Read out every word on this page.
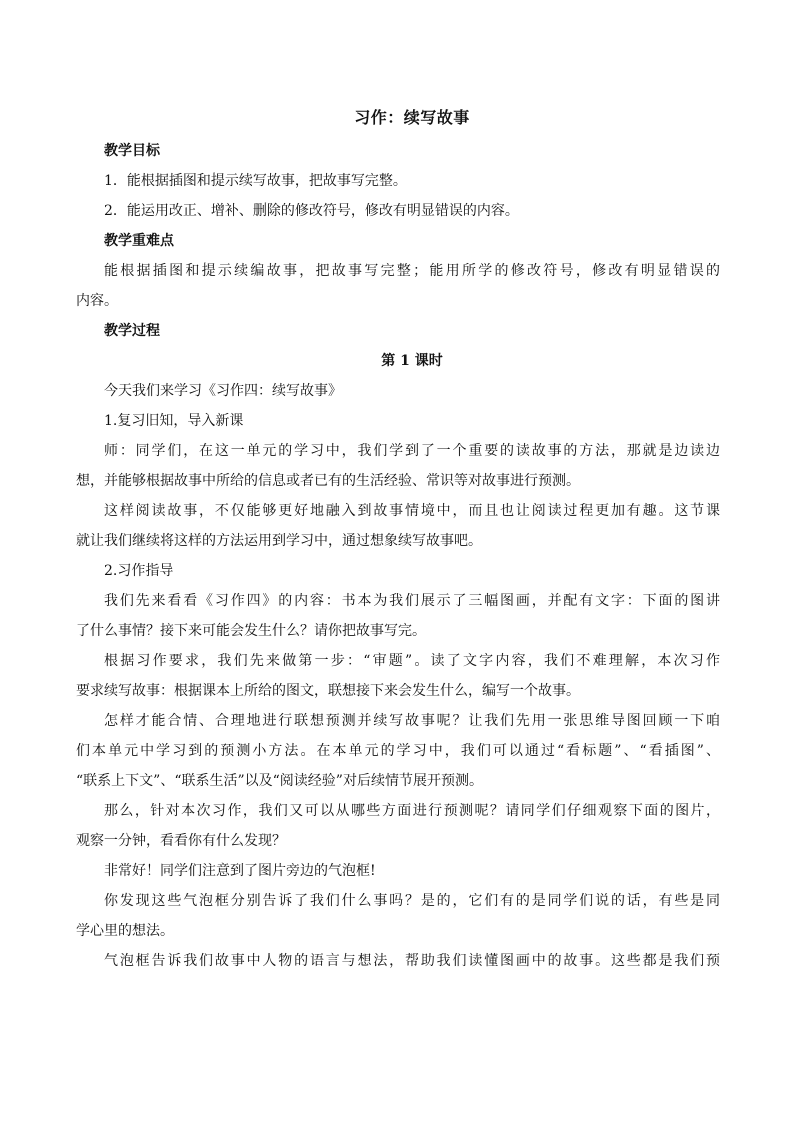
习作：续写故事
教学目标
1．能根据插图和提示续写故事，把故事写完整。
2．能运用改正、增补、删除的修改符号，修改有明显错误的内容。
教学重难点
能根据插图和提示续编故事，把故事写完整；能用所学的修改符号，修改有明显错误的
内容。
教学过程
第 1 课时
今天我们来学习《习作四：续写故事》
1.复习旧知，导入新课
师：同学们，在这一单元的学习中，我们学到了一个重要的读故事的方法，那就是边读边
想，并能够根据故事中所给的信息或者已有的生活经验、常识等对故事进行预测。
这样阅读故事，不仅能够更好地融入到故事情境中，而且也让阅读过程更加有趣。这节课
就让我们继续将这样的方法运用到学习中，通过想象续写故事吧。
2.习作指导
我们先来看看《习作四》的内容：书本为我们展示了三幅图画，并配有文字：下面的图讲
了什么事情？接下来可能会发生什么？请你把故事写完。
根据习作要求，我们先来做第一步：“审题”。读了文字内容，我们不难理解，本次习作
要求续写故事：根据课本上所给的图文，联想接下来会发生什么，编写一个故事。
怎样才能合情、合理地进行联想预测并续写故事呢？让我们先用一张思维导图回顾一下咱
们本单元中学习到的预测小方法。在本单元的学习中，我们可以通过“看标题”、“看插图”、
“联系上下文”、“联系生活”以及“阅读经验”对后续情节展开预测。
那么，针对本次习作，我们又可以从哪些方面进行预测呢？请同学们仔细观察下面的图片，
观察一分钟，看看你有什么发现？
非常好！同学们注意到了图片旁边的气泡框!
你发现这些气泡框分别告诉了我们什么事吗？是的，它们有的是同学们说的话，有些是同
学心里的想法。
气泡框告诉我们故事中人物的语言与想法，帮助我们读懂图画中的故事。这些都是我们预
